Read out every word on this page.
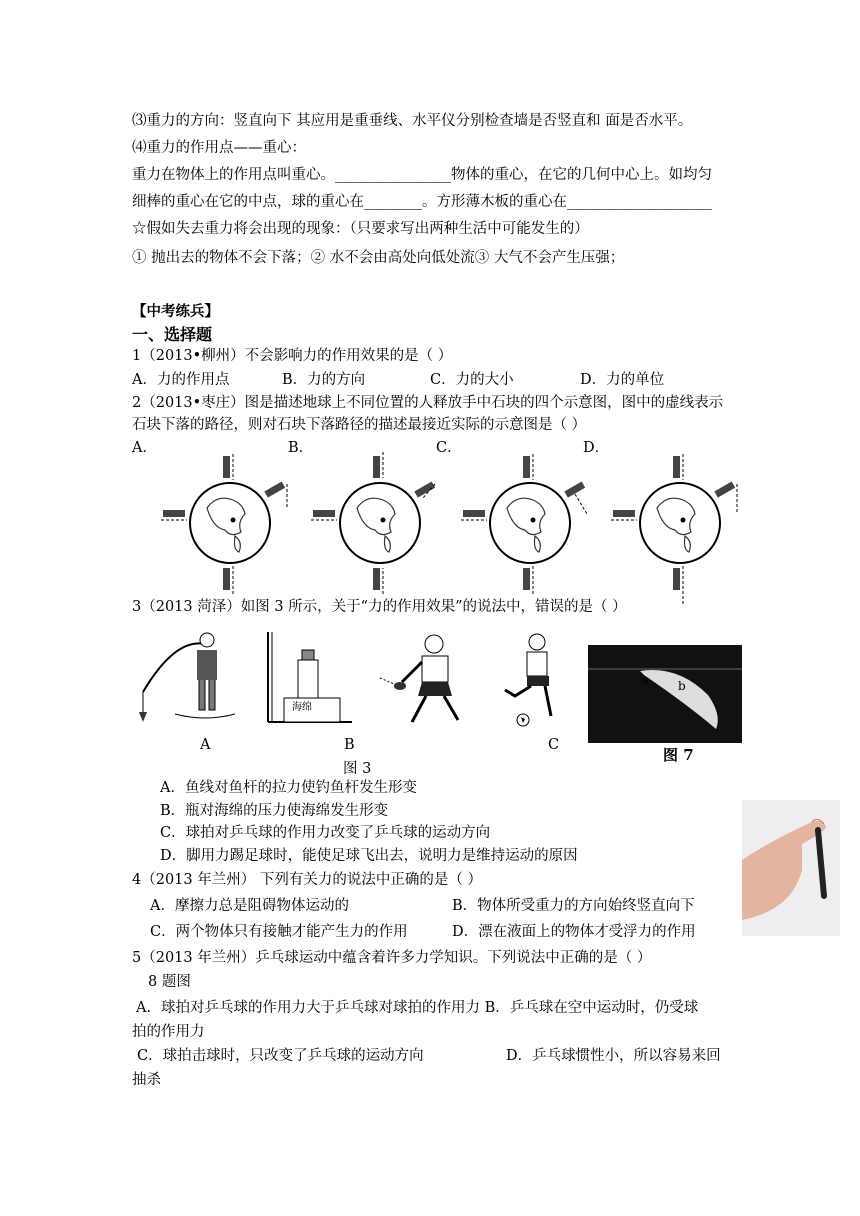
⑶重力的方向：竖直向下 其应用是重垂线、水平仪分别检查墙是否竖直和 面是否水平。
⑷重力的作用点——重心：
重力在物体上的作用点叫重心。________________物体的重心，在它的几何中心上。如均匀
细棒的重心在它的中点，球的重心在________。方形薄木板的重心在____________________
☆假如失去重力将会出现的现象：（只要求写出两种生活中可能发生的）
① 抛出去的物体不会下落；② 水不会由高处向低处流③ 大气不会产生压强；
【中考练兵】
一、选择题
1（2013•柳州）不会影响力的作用效果的是（ ）
A．力的作用点	B．力的方向	C．力的大小	D．力的单位
2（2013•枣庄）图是描述地球上不同位置的人释放手中石块的四个示意图，图中的虚线表示
石块下落的路径，则对石块下落路径的描述最接近实际的示意图是（ ）
A．	B．	C．	D．
3（2013 菏泽）如图 3 所示，关于“力的作用效果”的说法中，错误的是（ ）
海绵
a b
图 7
A	B	C
图 3
A．鱼线对鱼杆的拉力使钓鱼杆发生形变
B．瓶对海绵的压力使海绵发生形变
C．球拍对乒乓球的作用力改变了乒乓球的运动方向
D．脚用力踢足球时，能使足球飞出去，说明力是维持运动的原因
4（2013 年兰州） 下列有关力的说法中正确的是（ ）
A．摩擦力总是阻碍物体运动的	B．物体所受重力的方向始终竖直向下
C．两个物体只有接触才能产生力的作用	D．漂在液面上的物体才受浮力的作用
5（2013 年兰州）乒乓球运动中蕴含着许多力学知识。下列说法中正确的是（ ）
8 题图
A．球拍对乒乓球的作用力大于乒乓球对球拍的作用力 B．乒乓球在空中运动时，仍受球
拍的作用力
C．球拍击球时，只改变了乒乓球的运动方向	D．乒乓球惯性小，所以容易来回
抽杀
